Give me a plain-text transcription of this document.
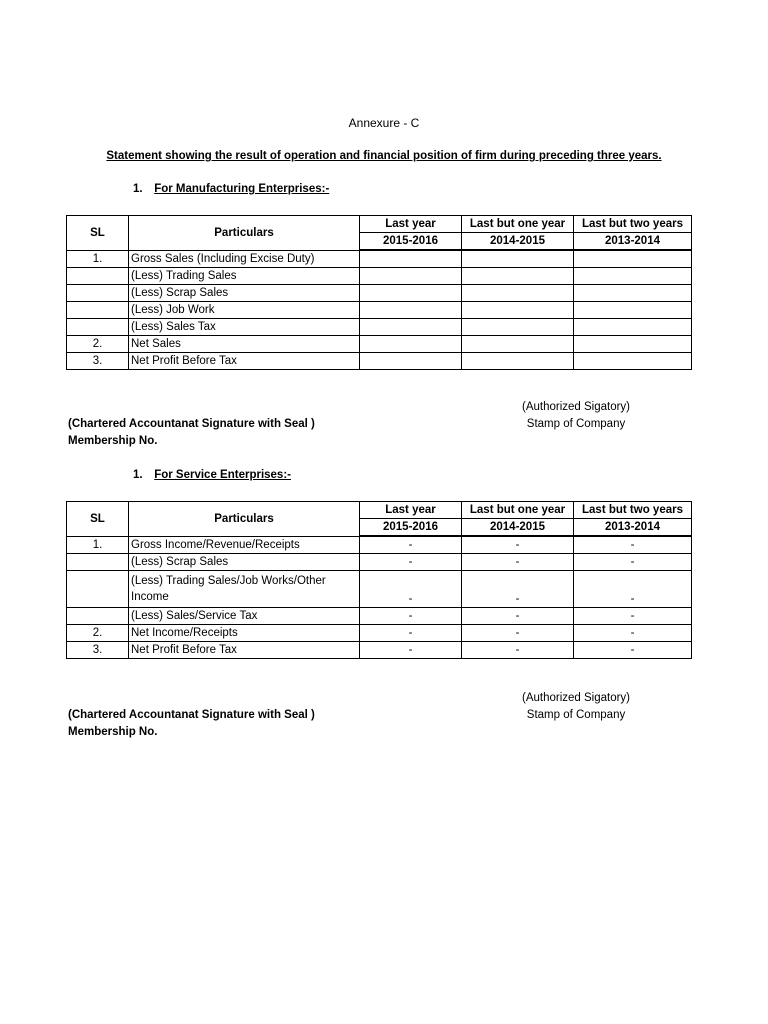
Annexure - C
Statement showing the result of operation and financial position of firm during preceding three years.
1. For Manufacturing Enterprises:-
SL	Particulars	Last year	Last but one year	Last but two years
		2015-2016	2014-2015	2013-2014
1.	Gross Sales (Including Excise Duty)			
	(Less) Trading Sales			
	(Less) Scrap Sales			
	(Less) Job Work			
	(Less) Sales Tax			
2.	Net Sales			
3.	Net Profit Before Tax			
(Authorized Sigatory)
Stamp of Company
(Chartered Accountanat Signature with Seal )
Membership No.
1. For Service Enterprises:-
SL	Particulars	Last year	Last but one year	Last but two years
		2015-2016	2014-2015	2013-2014
1.	Gross Income/Revenue/Receipts	-	-	-
	(Less) Scrap Sales	-	-	-
	(Less) Trading Sales/Job Works/Other Income	-	-	-
	(Less) Sales/Service Tax	-	-	-
2.	Net Income/Receipts	-	-	-
3.	Net Profit Before Tax	-	-	-
(Authorized Sigatory)
Stamp of Company
(Chartered Accountanat Signature with Seal )
Membership No.
